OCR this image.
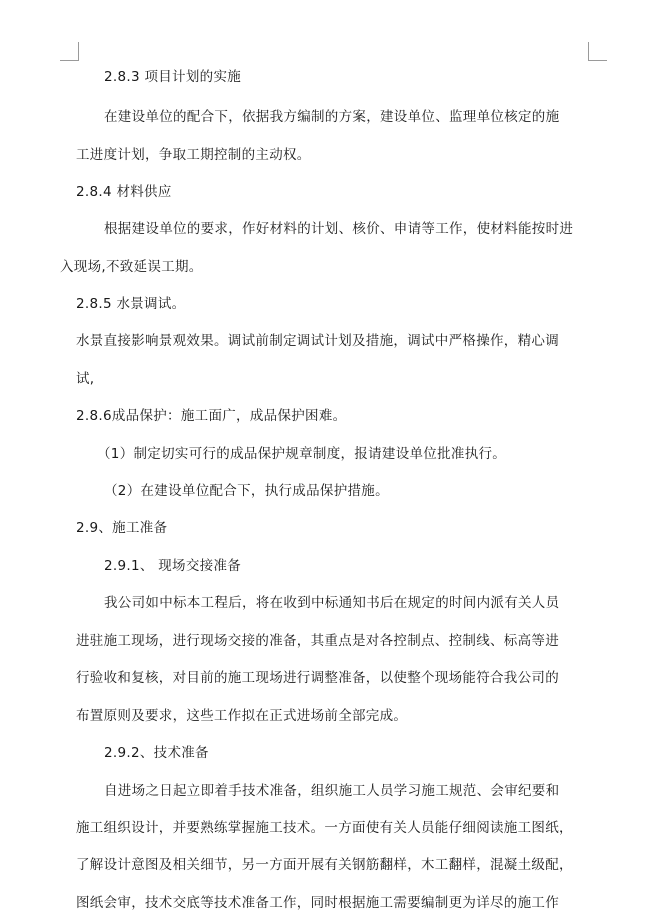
2.8.3 项目计划的实施
在建设单位的配合下，依据我方编制的方案，建设单位、监理单位核定的施
工进度计划，争取工期控制的主动权。
2.8.4 材料供应
根据建设单位的要求，作好材料的计划、核价、申请等工作，使材料能按时进
入现场,不致延误工期。
2.8.5 水景调试。
水景直接影响景观效果。调试前制定调试计划及措施，调试中严格操作，精心调
试,
2.8.6成品保护：施工面广，成品保护困难。
（1）制定切实可行的成品保护规章制度，报请建设单位批准执行。
（2）在建设单位配合下，执行成品保护措施。
2.9、施工准备
2.9.1、 现场交接准备
我公司如中标本工程后，将在收到中标通知书后在规定的时间内派有关人员
进驻施工现场，进行现场交接的准备，其重点是对各控制点、控制线、标高等进
行验收和复核，对目前的施工现场进行调整准备，以使整个现场能符合我公司的
布置原则及要求，这些工作拟在正式进场前全部完成。
2.9.2、技术准备
自进场之日起立即着手技术准备，组织施工人员学习施工规范、会审纪要和
施工组织设计，并要熟练掌握施工技术。一方面使有关人员能仔细阅读施工图纸，
了解设计意图及相关细节，另一方面开展有关钢筋翻样，木工翻样，混凝土级配，
图纸会审，技术交底等技术准备工作，同时根据施工需要编制更为详尽的施工作
